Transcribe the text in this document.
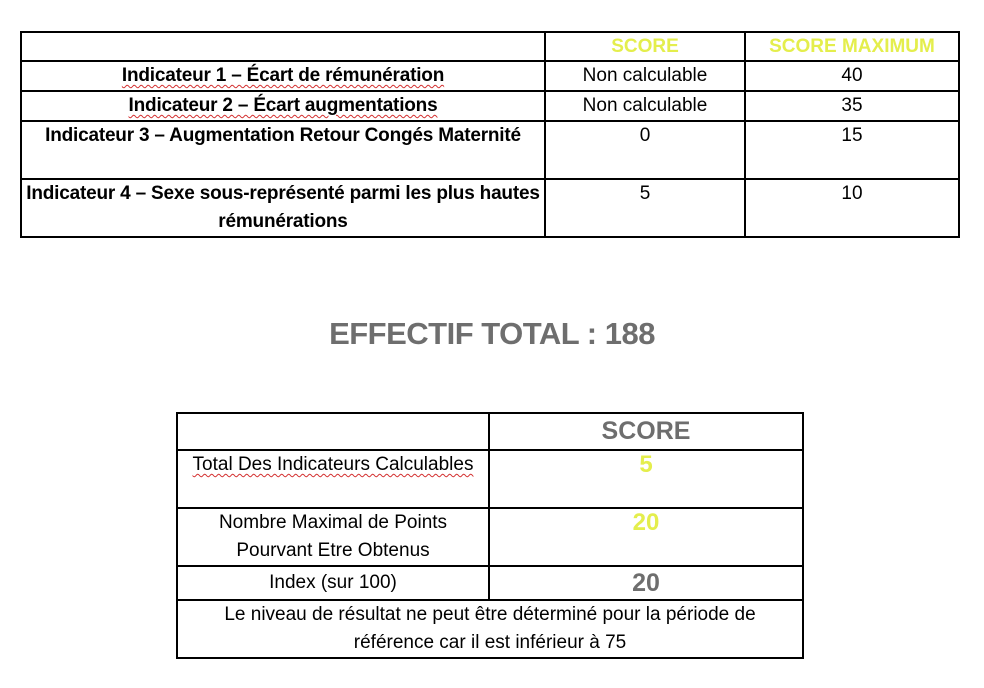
	SCORE	SCORE MAXIMUM
Indicateur 1 – Écart de rémunération	Non calculable	40
Indicateur 2 – Écart augmentations	Non calculable	35
Indicateur 3 – Augmentation Retour Congés Maternité	0	15
Indicateur 4 – Sexe sous-représenté parmi les plus hautes rémunérations	5	10
EFFECTIF TOTAL : 188
	SCORE
Total Des Indicateurs Calculables	5
Nombre Maximal de Points Pourvant Etre Obtenus	20
Index (sur 100)	20
Le niveau de résultat ne peut être déterminé pour la période de référence car il est inférieur à 75	
